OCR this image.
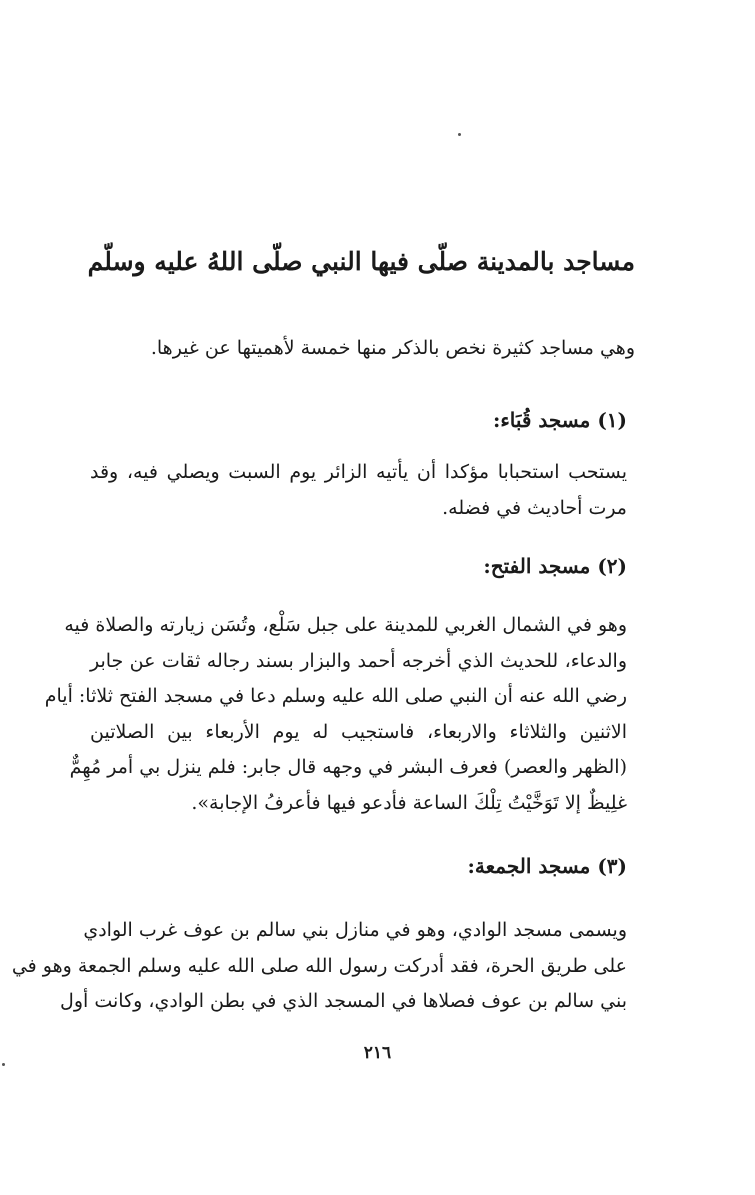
مساجد بالمدينة صلّى فيها النبي صلّى اللهُ عليه وسلّم
وهي مساجد كثيرة نخص بالذكر منها خمسة لأهميتها عن غيرها.
(١) مسجد قُبَاء:
يستحب استحبابا مؤكدا أن يأتيه الزائر يوم السبت ويصلي فيه، وقد
مرت أحاديث في فضله.
(٢) مسجد الفتح:
وهو في الشمال الغربي للمدينة على جبل سَلْع، وتُسَن زيارته والصلاة فيه
والدعاء، للحديث الذي أخرجه أحمد والبزار بسند رجاله ثقات عن جابر
رضي الله عنه أن النبي صلى الله عليه وسلم دعا في مسجد الفتح ثلاثا: أيام
الاثنين والثلاثاء والاربعاء، فاستجيب له يوم الأربعاء بين الصلاتين
(الظهر والعصر) فعرف البشر في وجهه قال جابر: فلم ينزل بي أمر مُهِمٌّ
غلِيظٌ إلا تَوَخَّيْتُ تِلْكَ الساعة فأدعو فيها فأعرفُ الإجابة».
(٣) مسجد الجمعة:
ويسمى مسجد الوادي، وهو في منازل بني سالم بن عوف غرب الوادي
على طريق الحرة، فقد أدركت رسول الله صلى الله عليه وسلم الجمعة وهو في
بني سالم بن عوف فصلاها في المسجد الذي في بطن الوادي، وكانت أول
٢١٦
